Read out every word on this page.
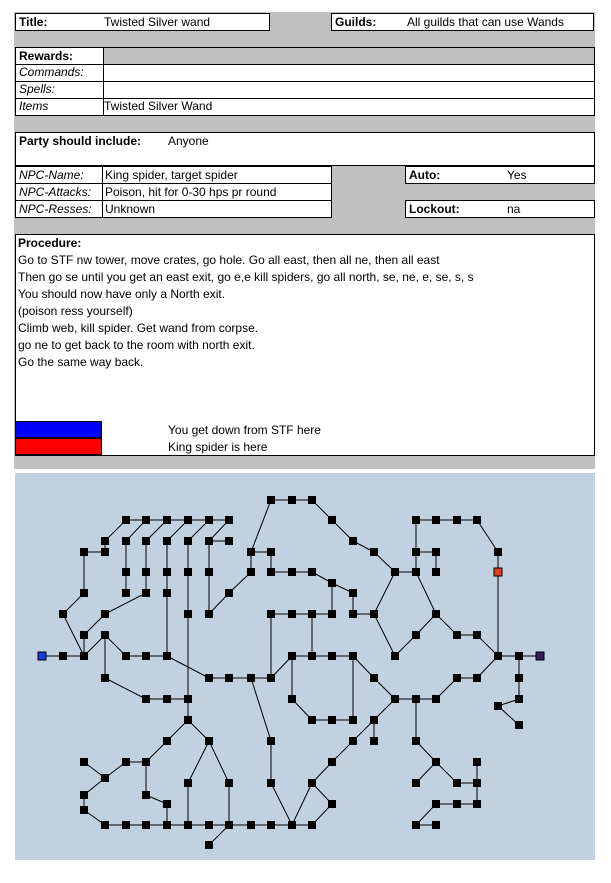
Title:	Twisted Silver wand	Guilds:	All guilds that can use Wands
Rewards:
Commands:
Spells:
Items	Twisted Silver Wand
Party should include: Anyone
NPC-Name: King spider, target spider
NPC-Attacks: Poison, hit for 0-30 hps pr round
NPC-Resses: Unknown
Auto:	Yes
Lockout:	na
Procedure:
Go to STF nw tower, move crates, go hole. Go all east, then all ne, then all east
Then go se until you get an east exit, go e,e kill spiders, go all north, se, ne, e, se, s, s
You should now have only a North exit.
(poison ress yourself)
Climb web, kill spider. Get wand from corpse.
go ne to get back to the room with north exit.
Go the same way back.
You get down from STF here
King spider is here
